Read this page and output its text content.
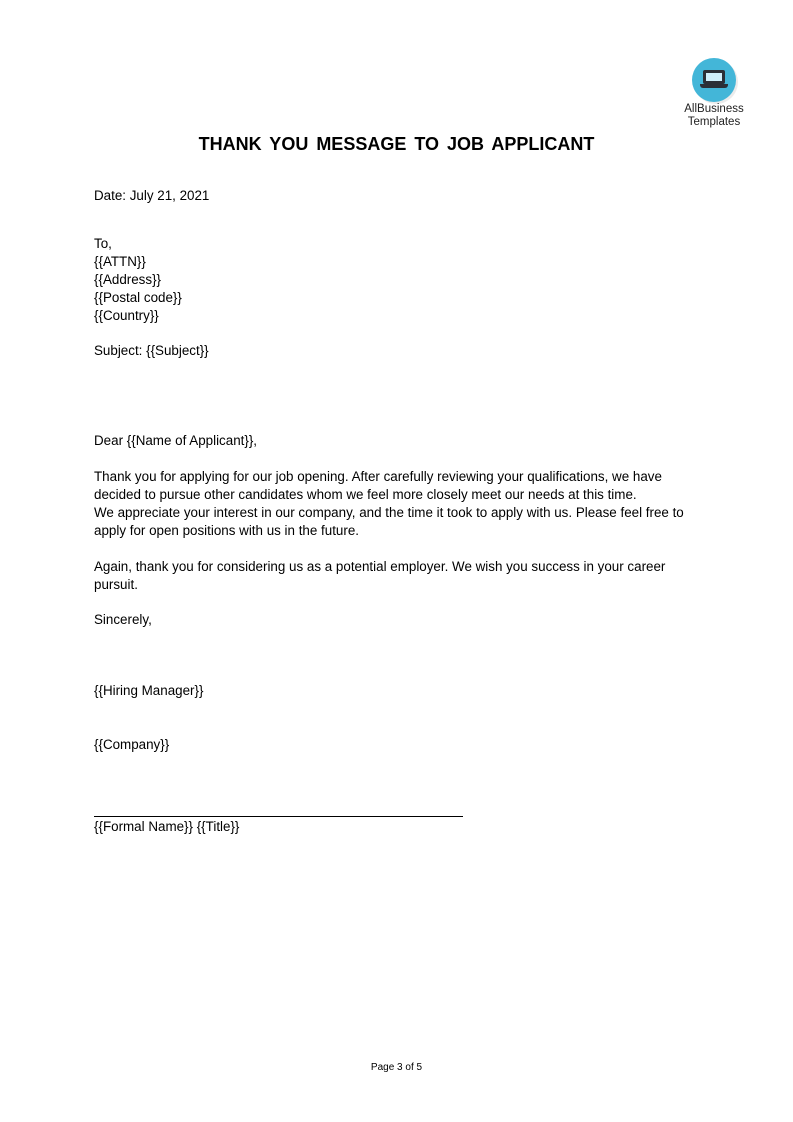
AllBusiness
Templates
THANK YOU MESSAGE TO JOB APPLICANT
Date: July 21, 2021
To,
{{ATTN}}
{{Address}}
{{Postal code}}
{{Country}}
Subject: {{Subject}}
Dear {{Name of Applicant}},
Thank you for applying for our job opening. After carefully reviewing your qualifications, we have
decided to pursue other candidates whom we feel more closely meet our needs at this time.
We appreciate your interest in our company, and the time it took to apply with us. Please feel free to
apply for open positions with us in the future.
Again, thank you for considering us as a potential employer. We wish you success in your career
pursuit.
Sincerely,
{{Hiring Manager}}
{{Company}}
{{Formal Name}} {{Title}}
Page 3 of 5
